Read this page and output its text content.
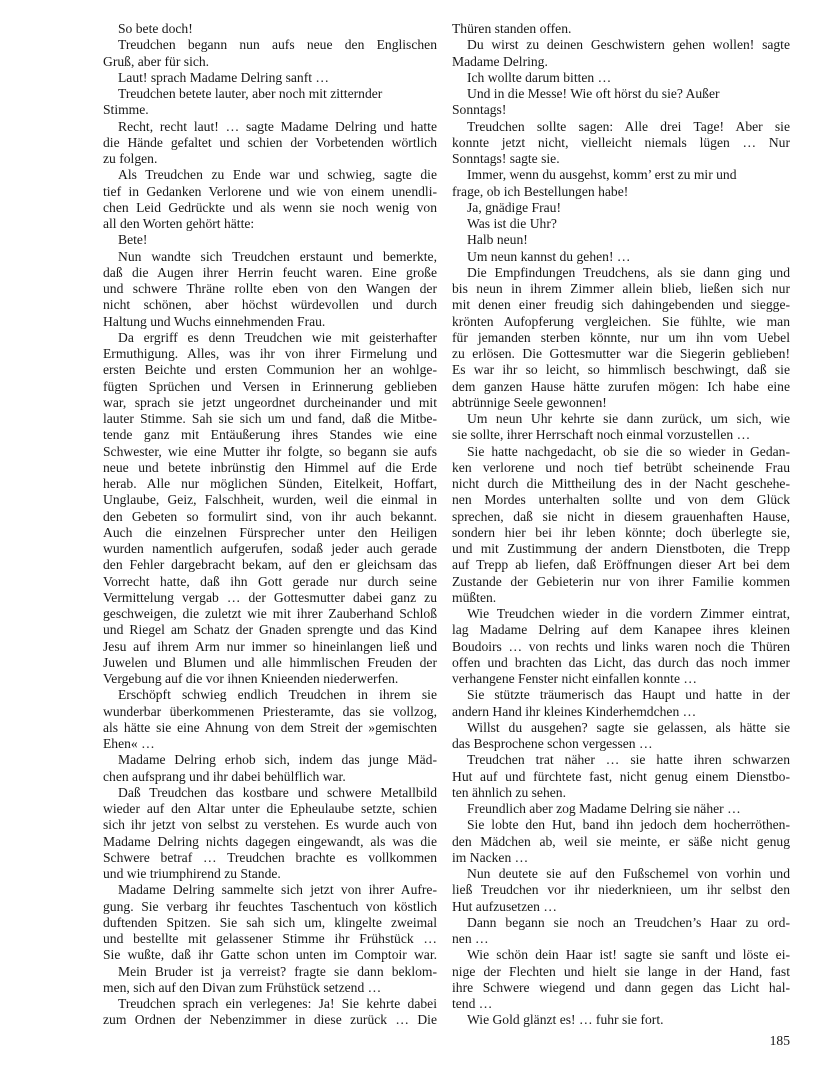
So bete doch!
Treudchen begann nun aufs neue den Englischen
Gruß, aber für sich.
Laut! sprach Madame Delring sanft …
Treudchen betete lauter, aber noch mit zitternder
Stimme.
Recht, recht laut! … sagte Madame Delring und hatte
die Hände gefaltet und schien der Vorbetenden wörtlich
zu folgen.
Als Treudchen zu Ende war und schwieg, sagte die
tief in Gedanken Verlorene und wie von einem unendli-
chen Leid Gedrückte und als wenn sie noch wenig von
all den Worten gehört hätte:
Bete!
Nun wandte sich Treudchen erstaunt und bemerkte,
daß die Augen ihrer Herrin feucht waren. Eine große
und schwere Thräne rollte eben von den Wangen der
nicht schönen, aber höchst würdevollen und durch
Haltung und Wuchs einnehmenden Frau.
Da ergriff es denn Treudchen wie mit geisterhafter
Ermuthigung. Alles, was ihr von ihrer Firmelung und
ersten Beichte und ersten Communion her an wohlge-
fügten Sprüchen und Versen in Erinnerung geblieben
war, sprach sie jetzt ungeordnet durcheinander und mit
lauter Stimme. Sah sie sich um und fand, daß die Mitbe-
tende ganz mit Entäußerung ihres Standes wie eine
Schwester, wie eine Mutter ihr folgte, so begann sie aufs
neue und betete inbrünstig den Himmel auf die Erde
herab. Alle nur möglichen Sünden, Eitelkeit, Hoffart,
Unglaube, Geiz, Falschheit, wurden, weil die einmal in
den Gebeten so formulirt sind, von ihr auch bekannt.
Auch die einzelnen Fürsprecher unter den Heiligen
wurden namentlich aufgerufen, sodaß jeder auch gerade
den Fehler dargebracht bekam, auf den er gleichsam das
Vorrecht hatte, daß ihn Gott gerade nur durch seine
Vermittelung vergab … der Gottesmutter dabei ganz zu
geschweigen, die zuletzt wie mit ihrer Zauberhand Schloß
und Riegel am Schatz der Gnaden sprengte und das Kind
Jesu auf ihrem Arm nur immer so hineinlangen ließ und
Juwelen und Blumen und alle himmlischen Freuden der
Vergebung auf die vor ihnen Knieenden niederwerfen.
Erschöpft schwieg endlich Treudchen in ihrem sie
wunderbar überkommenen Priesteramte, das sie vollzog,
als hätte sie eine Ahnung von dem Streit der »gemischten
Ehen« …
Madame Delring erhob sich, indem das junge Mäd-
chen aufsprang und ihr dabei behülflich war.
Daß Treudchen das kostbare und schwere Metallbild
wieder auf den Altar unter die Epheulaube setzte, schien
sich ihr jetzt von selbst zu verstehen. Es wurde auch von
Madame Delring nichts dagegen eingewandt, als was die
Schwere betraf … Treudchen brachte es vollkommen
und wie triumphirend zu Stande.
Madame Delring sammelte sich jetzt von ihrer Aufre-
gung. Sie verbarg ihr feuchtes Taschentuch von köstlich
duftenden Spitzen. Sie sah sich um, klingelte zweimal
und bestellte mit gelassener Stimme ihr Frühstück …
Sie wußte, daß ihr Gatte schon unten im Comptoir war.
Mein Bruder ist ja verreist? fragte sie dann beklom-
men, sich auf den Divan zum Frühstück setzend …
Treudchen sprach ein verlegenes: Ja! Sie kehrte dabei
zum Ordnen der Nebenzimmer in diese zurück … Die
Thüren standen offen.
Du wirst zu deinen Geschwistern gehen wollen! sagte
Madame Delring.
Ich wollte darum bitten …
Und in die Messe! Wie oft hörst du sie? Außer
Sonntags!
Treudchen sollte sagen: Alle drei Tage! Aber sie
konnte jetzt nicht, vielleicht niemals lügen … Nur
Sonntags! sagte sie.
Immer, wenn du ausgehst, komm’ erst zu mir und
frage, ob ich Bestellungen habe!
Ja, gnädige Frau!
Was ist die Uhr?
Halb neun!
Um neun kannst du gehen! …
Die Empfindungen Treudchens, als sie dann ging und
bis neun in ihrem Zimmer allein blieb, ließen sich nur
mit denen einer freudig sich dahingebenden und siegge-
krönten Aufopferung vergleichen. Sie fühlte, wie man
für jemanden sterben könnte, nur um ihn vom Uebel
zu erlösen. Die Gottesmutter war die Siegerin geblieben!
Es war ihr so leicht, so himmlisch beschwingt, daß sie
dem ganzen Hause hätte zurufen mögen: Ich habe eine
abtrünnige Seele gewonnen!
Um neun Uhr kehrte sie dann zurück, um sich, wie
sie sollte, ihrer Herrschaft noch einmal vorzustellen …
Sie hatte nachgedacht, ob sie die so wieder in Gedan-
ken verlorene und noch tief betrübt scheinende Frau
nicht durch die Mittheilung des in der Nacht geschehe-
nen Mordes unterhalten sollte und von dem Glück
sprechen, daß sie nicht in diesem grauenhaften Hause,
sondern hier bei ihr leben könnte; doch überlegte sie,
und mit Zustimmung der andern Dienstboten, die Trepp
auf Trepp ab liefen, daß Eröffnungen dieser Art bei dem
Zustande der Gebieterin nur von ihrer Familie kommen
müßten.
Wie Treudchen wieder in die vordern Zimmer eintrat,
lag Madame Delring auf dem Kanapee ihres kleinen
Boudoirs … von rechts und links waren noch die Thüren
offen und brachten das Licht, das durch das noch immer
verhangene Fenster nicht einfallen konnte …
Sie stützte träumerisch das Haupt und hatte in der
andern Hand ihr kleines Kinderhemdchen …
Willst du ausgehen? sagte sie gelassen, als hätte sie
das Besprochene schon vergessen …
Treudchen trat näher … sie hatte ihren schwarzen
Hut auf und fürchtete fast, nicht genug einem Dienstbo-
ten ähnlich zu sehen.
Freundlich aber zog Madame Delring sie näher …
Sie lobte den Hut, band ihn jedoch dem hocherröthen-
den Mädchen ab, weil sie meinte, er säße nicht genug
im Nacken …
Nun deutete sie auf den Fußschemel von vorhin und
ließ Treudchen vor ihr niederknieen, um ihr selbst den
Hut aufzusetzen …
Dann begann sie noch an Treudchen’s Haar zu ord-
nen …
Wie schön dein Haar ist! sagte sie sanft und löste ei-
nige der Flechten und hielt sie lange in der Hand, fast
ihre Schwere wiegend und dann gegen das Licht hal-
tend …
Wie Gold glänzt es! … fuhr sie fort.
185
